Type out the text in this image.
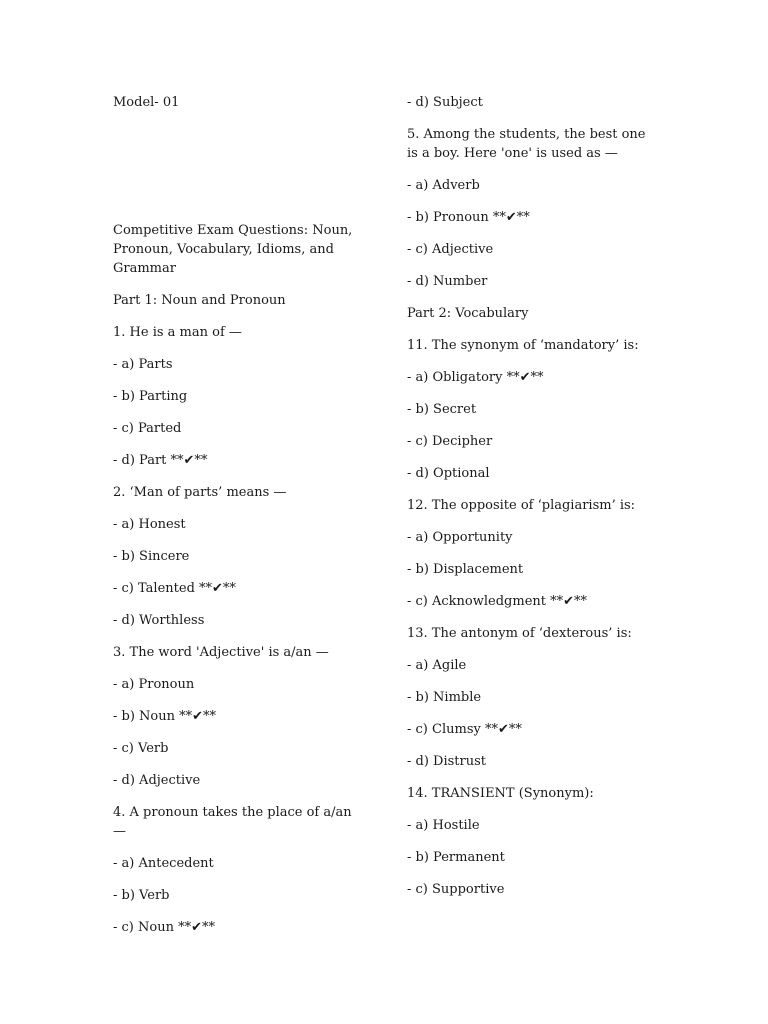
Model- 01

Competitive Exam Questions: Noun, Pronoun, Vocabulary, Idioms, and Grammar

Part 1: Noun and Pronoun

1. He is a man of —

- a) Parts

- b) Parting

- c) Parted

- d) Part **✔**

2. ‘Man of parts’ means —

- a) Honest

- b) Sincere

- c) Talented **✔**

- d) Worthless

3. The word 'Adjective' is a/an —

- a) Pronoun

- b) Noun **✔**

- c) Verb

- d) Adjective

4. A pronoun takes the place of a/an —

- a) Antecedent

- b) Verb

- c) Noun **✔**

- d) Subject

5. Among the students, the best one is a boy. Here 'one' is used as —

- a) Adverb

- b) Pronoun **✔**

- c) Adjective

- d) Number

Part 2: Vocabulary

11. The synonym of ‘mandatory’ is:

- a) Obligatory **✔**

- b) Secret

- c) Decipher

- d) Optional

12. The opposite of ‘plagiarism’ is:

- a) Opportunity

- b) Displacement

- c) Acknowledgment **✔**

13. The antonym of ‘dexterous’ is:

- a) Agile

- b) Nimble

- c) Clumsy **✔**

- d) Distrust

14. TRANSIENT (Synonym):

- a) Hostile

- b) Permanent

- c) Supportive
